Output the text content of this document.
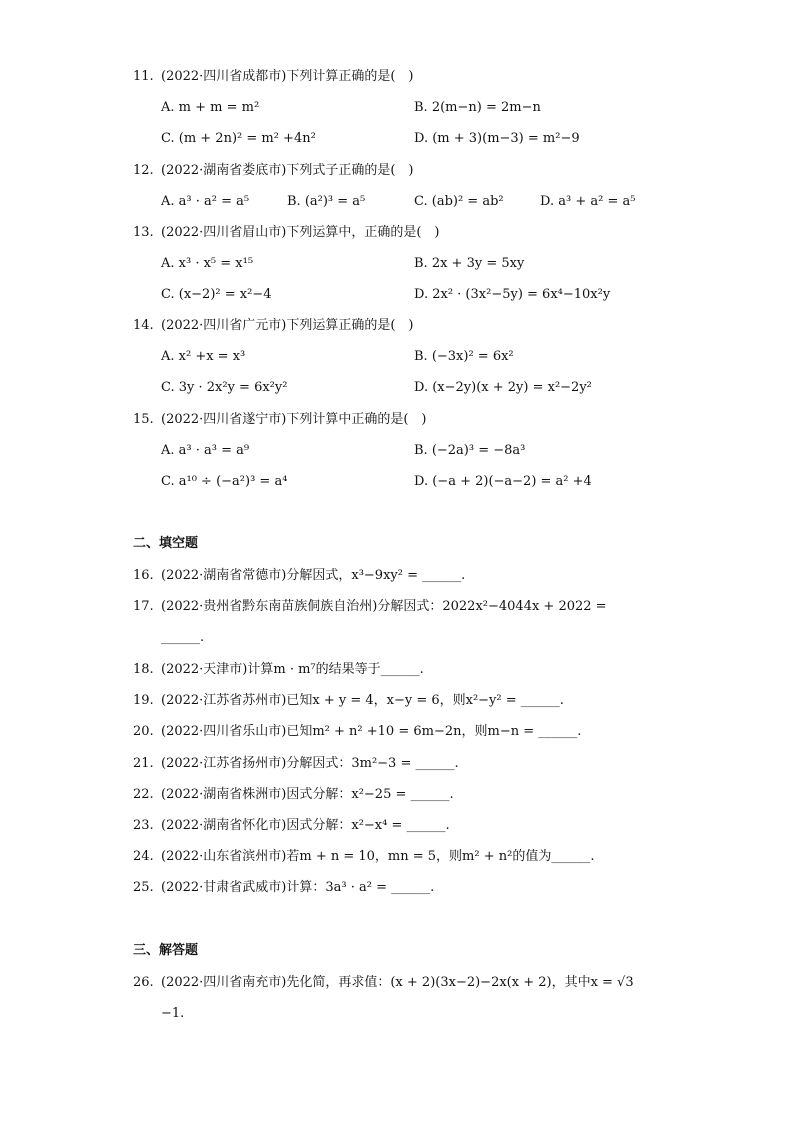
11. (2022·四川省成都市)下列计算正确的是(　)
A. m + m = m²	B. 2(m−n) = 2m−n
C. (m + 2n)² = m² +4n²	D. (m + 3)(m−3) = m²−9
12. (2022·湖南省娄底市)下列式子正确的是(　)
A. a³ · a² = a⁵	B. (a²)³ = a⁵	C. (ab)² = ab²	D. a³ + a² = a⁵
13. (2022·四川省眉山市)下列运算中，正确的是(　)
A. x³ · x⁵ = x¹⁵	B. 2x + 3y = 5xy
C. (x−2)² = x²−4	D. 2x² · (3x²−5y) = 6x⁴−10x²y
14. (2022·四川省广元市)下列运算正确的是(　)
A. x² +x = x³	B. (−3x)² = 6x²
C. 3y · 2x²y = 6x²y²	D. (x−2y)(x + 2y) = x²−2y²
15. (2022·四川省遂宁市)下列计算中正确的是(　)
A. a³ · a³ = a⁹	B. (−2a)³ = −8a³
C. a¹⁰ ÷ (−a²)³ = a⁴	D. (−a + 2)(−a−2) = a² +4
二、填空题
16. (2022·湖南省常德市)分解因式，x³−9xy² = ______.
17. (2022·贵州省黔东南苗族侗族自治州)分解因式：2022x²−4044x + 2022 =
______.
18. (2022·天津市)计算m · m⁷的结果等于______.
19. (2022·江苏省苏州市)已知x + y = 4，x−y = 6，则x²−y² = ______.
20. (2022·四川省乐山市)已知m² + n² +10 = 6m−2n，则m−n = ______.
21. (2022·江苏省扬州市)分解因式：3m²−3 = ______.
22. (2022·湖南省株洲市)因式分解：x²−25 = ______.
23. (2022·湖南省怀化市)因式分解：x²−x⁴ = ______.
24. (2022·山东省滨州市)若m + n = 10，mn = 5，则m² + n²的值为______.
25. (2022·甘肃省武威市)计算：3a³ · a² = ______.
三、解答题
26. (2022·四川省南充市)先化简，再求值：(x + 2)(3x−2)−2x(x + 2)，其中x = √3
−1.
